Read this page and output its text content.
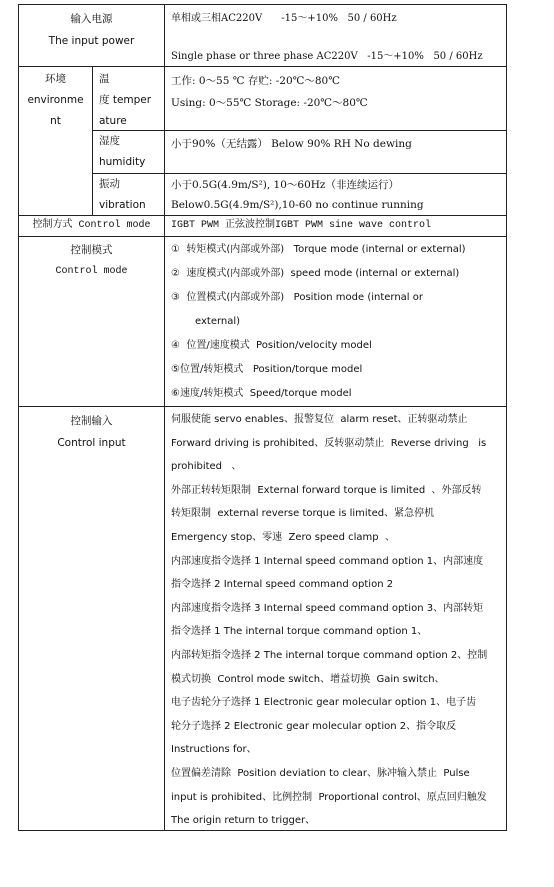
输入电源
The input power
单相或三相AC220V      -15～+10%   50 / 60Hz
Single phase or three phase AC220V   -15～+10%   50 / 60Hz
环境
environme
nt
温
度 temper
ature
工作: 0～55 ℃ 存贮: -20℃～80℃
Using: 0～55℃ Storage: -20℃～80℃
湿度
humidity
小于90%（无结露） Below 90% RH No dewing
振动
vibration
小于0.5G(4.9m/S²), 10～60Hz（非连续运行）
Below0.5G(4.9m/S²),10-60 no continue running
控制方式 Control mode	IGBT PWM 正弦波控制IGBT PWM sine wave control
控制模式
Control mode
①  转矩模式(内部或外部)   Torque mode (internal or external)
②  速度模式(内部或外部)  speed mode (internal or external)
③  位置模式(内部或外部)   Position mode (internal or
external)
④  位置/速度模式  Position/velocity model
⑤位置/转矩模式   Position/torque model
⑥速度/转矩模式  Speed/torque model
控制输入
Control input
伺服使能 servo enables、报警复位  alarm reset、正转驱动禁止
Forward driving is prohibited、反转驱动禁止  Reverse driving   is
prohibited   、
外部正转转矩限制  External forward torque is limited  、外部反转
转矩限制  external reverse torque is limited、紧急停机
Emergency stop、零速  Zero speed clamp  、
内部速度指令选择 1 Internal speed command option 1、内部速度
指令选择 2 Internal speed command option 2
内部速度指令选择 3 Internal speed command option 3、内部转矩
指令选择 1 The internal torque command option 1、
内部转矩指令选择 2 The internal torque command option 2、控制
模式切换  Control mode switch、增益切换  Gain switch、
电子齿轮分子选择 1 Electronic gear molecular option 1、电子齿
轮分子选择 2 Electronic gear molecular option 2、指令取反
Instructions for、
位置偏差清除  Position deviation to clear、脉冲输入禁止  Pulse
input is prohibited、比例控制  Proportional control、原点回归触发
The origin return to trigger、
